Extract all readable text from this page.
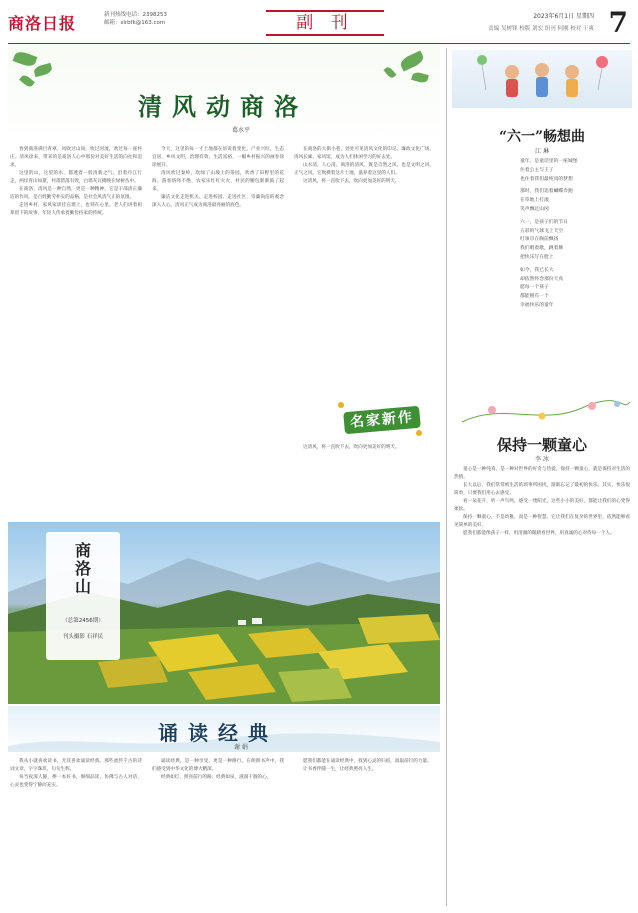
商洛日报	新刊热线电话：2398253
邮箱：slrbfk@163.com	副 刊	2023年6月1日 星期四
责编 吴树锋 校版 刘宏 组刊 何刚 校对 于爽 7
清风动商洛
葛水平

春到商洛满目青翠，风吹过山岗，吹过河流，吹过每一座村庄。清风徐来，带来的是商洛人心中那份对美好生活的向往和追求。

这里的山，这里的水，都透着一股清新之气。沿着丹江行走，两岸青山如黛，村落错落有致，白墙灰瓦掩映在绿树丛中。

在商洛，清风是一种自然，更是一种精神。它是干部清正廉洁的作风，是百姓勤劳朴实的品格，是社会风清气正的氛围。

走进乡村，家风家训挂在墙上，也刻在心里。老人们讲着祖辈留下的故事，年轻人传承着勤俭持家的传统。

今天，这里的每一寸土地都在诉说着变化。产业兴旺，生态宜居，乡风文明，治理有效，生活富裕，一幅乡村振兴的画卷徐徐展开。

清风吹过秦岭，吹绿了山坡上的茶园，吹香了田野里的花海。游客络绎不绝，农家乐红红火火，村民的腰包渐渐鼓了起来。

廉洁文化走进机关、走进校园、走进社区，崇廉尚洁的观念深入人心。清风正气成为商洛最亮丽的底色。

在商洛的大街小巷，处处可见清风文化的印记。廉政文化广场、清风长廊、家风馆，成为人们休闲学习的好去处。

山水清，人心清。商洛的清风，既是自然之风，也是文明之风、正气之风。它吹拂着这片土地，滋养着这里的人们。

这清风，将一直吹下去，吹向更加美好的明天。

名家新作

这清风，将一直吹下去，吹向更加美好的明天。

商洛山
（总第2456期）
刊头摄影 石祥民
诵读经典
谢 娟

我从小就喜欢读书，尤其喜欢诵读经典。那些流传千古的诗词文章，字字珠玑，句句生辉。

每当夜深人静，捧一本好书，细细品读，仿佛与古人对话，心灵也变得宁静而充实。

诵读经典，是一种享受，更是一种修行。在朗朗书声中，我们感受到中华文化的博大精深。

经典如灯，照亮前行的路；经典如泉，滋润干涸的心。

愿我们都能在诵读经典中，找到心灵的归宿，汲取前行的力量。

让书香伴随一生，让经典照亮人生。

“六一”畅想曲
江 琳
童年，是童话里的一座城堡
住着公主与王子
也住着我们最纯真的梦想
那时，我们追着蝴蝶奔跑
在草地上打滚
笑声飘过山冈
六一，是孩子们的节日
五彩的气球飞上天空
红领巾在胸前飘扬
我们唱着歌，跳着舞
把快乐写在脸上
如今，我已长大
却依然怀念那份天真
愿每一个孩子
都能拥有一个
幸福快乐的童年
保持一颗童心
李 冰

童心是一种纯真，是一种对世界的好奇与热爱。保持一颗童心，就是保持对生活的热情。

长大以后，我们常常被生活的琐事所困扰，渐渐忘记了最初的快乐。其实，快乐很简单，只要我们用心去感受。

看一朵花开，听一声鸟鸣，感受一缕阳光，这些小小的美好，都能让我们的心变得柔软。

保持一颗童心，不是幼稚，而是一种智慧。它让我们在复杂的世界里，依然能够看见简单的美好。

愿我们都能像孩子一样，用清澈的眼睛看世界，用真诚的心对待每一个人。
